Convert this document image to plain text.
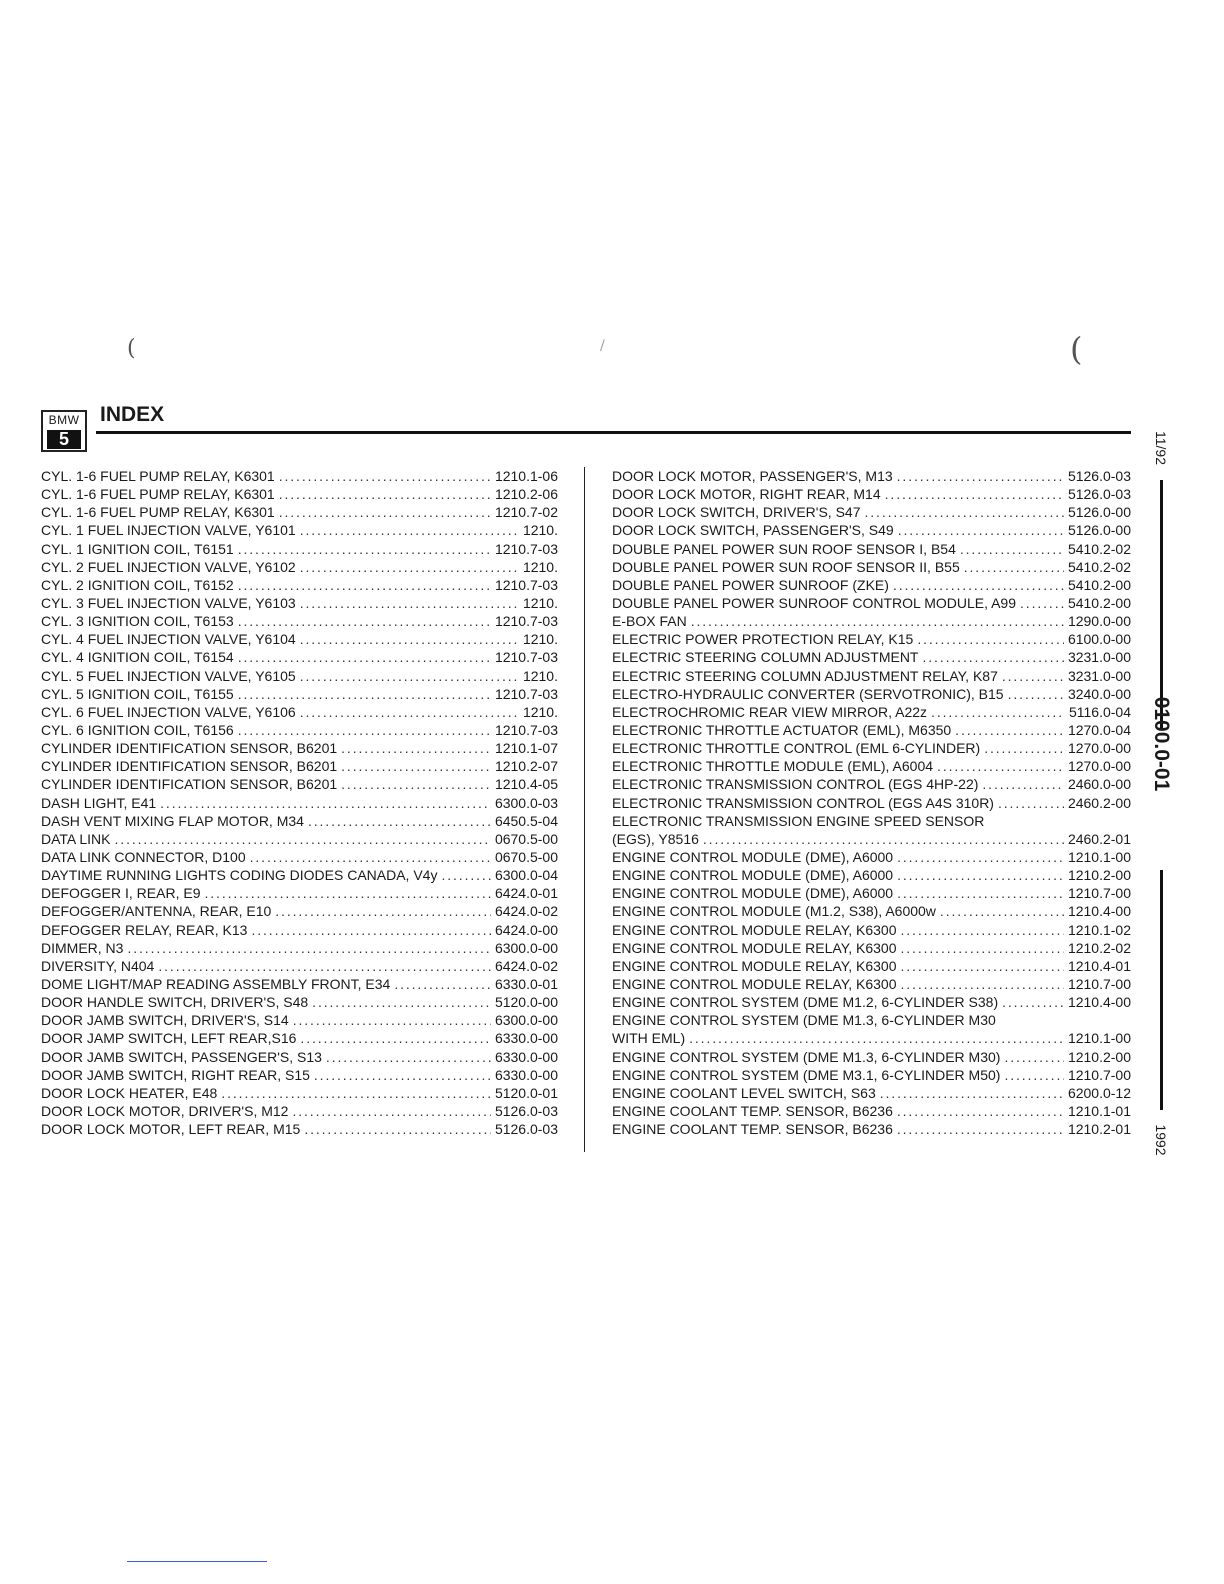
(	/	(
BMW
5
INDEX
CYL. 1-6 FUEL PUMP RELAY, K6301 . . .	1210.1-06
CYL. 1-6 FUEL PUMP RELAY, K6301 . . .	1210.2-06
CYL. 1-6 FUEL PUMP RELAY, K6301 . . .	1210.7-02
CYL. 1 FUEL INJECTION VALVE, Y6101 . . .	1210.
CYL. 1 IGNITION COIL, T6151 . . .	1210.7-03
CYL. 2 FUEL INJECTION VALVE, Y6102 . . .	1210.
CYL. 2 IGNITION COIL, T6152 . . .	1210.7-03
CYL. 3 FUEL INJECTION VALVE, Y6103 . . .	1210.
CYL. 3 IGNITION COIL, T6153 . . .	1210.7-03
CYL. 4 FUEL INJECTION VALVE, Y6104 . . .	1210.
CYL. 4 IGNITION COIL, T6154 . . .	1210.7-03
CYL. 5 FUEL INJECTION VALVE, Y6105 . . .	1210.
CYL. 5 IGNITION COIL, T6155 . . .	1210.7-03
CYL. 6 FUEL INJECTION VALVE, Y6106 . . .	1210.
CYL. 6 IGNITION COIL, T6156 . . .	1210.7-03
CYLINDER IDENTIFICATION SENSOR, B6201 . . .	1210.1-07
CYLINDER IDENTIFICATION SENSOR, B6201 . . .	1210.2-07
CYLINDER IDENTIFICATION SENSOR, B6201 . . .	1210.4-05
DASH LIGHT, E41 . . .	6300.0-03
DASH VENT MIXING FLAP MOTOR, M34 . . .	6450.5-04
DATA LINK . . .	0670.5-00
DATA LINK CONNECTOR, D100 . . .	0670.5-00
DAYTIME RUNNING LIGHTS CODING DIODES CANADA, V4y . . .	6300.0-04
DEFOGGER I, REAR, E9 . . .	6424.0-01
DEFOGGER/ANTENNA, REAR, E10 . . .	6424.0-02
DEFOGGER RELAY, REAR, K13 . . .	6424.0-00
DIMMER, N3 . . .	6300.0-00
DIVERSITY, N404 . . .	6424.0-02
DOME LIGHT/MAP READING ASSEMBLY FRONT, E34 . . .	6330.0-01
DOOR HANDLE SWITCH, DRIVER'S, S48 . . .	5120.0-00
DOOR JAMB SWITCH, DRIVER'S, S14 . . .	6300.0-00
DOOR JAMP SWITCH, LEFT REAR,S16 . . .	6330.0-00
DOOR JAMB SWITCH, PASSENGER'S, S13 . . .	6330.0-00
DOOR JAMB SWITCH, RIGHT REAR, S15 . . .	6330.0-00
DOOR LOCK HEATER, E48 . . .	5120.0-01
DOOR LOCK MOTOR, DRIVER'S, M12 . . .	5126.0-03
DOOR LOCK MOTOR, LEFT REAR, M15 . . .	5126.0-03
DOOR LOCK MOTOR, PASSENGER'S, M13 . . .	5126.0-03
DOOR LOCK MOTOR, RIGHT REAR, M14 . . .	5126.0-03
DOOR LOCK SWITCH, DRIVER'S, S47 . . .	5126.0-00
DOOR LOCK SWITCH, PASSENGER'S, S49 . . .	5126.0-00
DOUBLE PANEL POWER SUN ROOF SENSOR I, B54 . . .	5410.2-02
DOUBLE PANEL POWER SUN ROOF SENSOR II, B55 . . .	5410.2-02
DOUBLE PANEL POWER SUNROOF (ZKE) . . .	5410.2-00
DOUBLE PANEL POWER SUNROOF CONTROL MODULE, A99 . . .	5410.2-00
E-BOX FAN . . .	1290.0-00
ELECTRIC POWER PROTECTION RELAY, K15 . . .	6100.0-00
ELECTRIC STEERING COLUMN ADJUSTMENT . . .	3231.0-00
ELECTRIC STEERING COLUMN ADJUSTMENT RELAY, K87 . . .	3231.0-00
ELECTRO-HYDRAULIC CONVERTER (SERVOTRONIC), B15 . . .	3240.0-00
ELECTROCHROMIC REAR VIEW MIRROR, A22z . . .	5116.0-04
ELECTRONIC THROTTLE ACTUATOR (EML), M6350 . . .	1270.0-04
ELECTRONIC THROTTLE CONTROL (EML 6-CYLINDER) . . .	1270.0-00
ELECTRONIC THROTTLE MODULE (EML), A6004 . . .	1270.0-00
ELECTRONIC TRANSMISSION CONTROL (EGS 4HP-22) . . .	2460.0-00
ELECTRONIC TRANSMISSION CONTROL (EGS A4S 310R) . . .	2460.2-00
ELECTRONIC TRANSMISSION ENGINE SPEED SENSOR
(EGS), Y8516 . . .	2460.2-01
ENGINE CONTROL MODULE (DME), A6000 . . .	1210.1-00
ENGINE CONTROL MODULE (DME), A6000 . . .	1210.2-00
ENGINE CONTROL MODULE (DME), A6000 . . .	1210.7-00
ENGINE CONTROL MODULE (M1.2, S38), A6000w . . .	1210.4-00
ENGINE CONTROL MODULE RELAY, K6300 . . .	1210.1-02
ENGINE CONTROL MODULE RELAY, K6300 . . .	1210.2-02
ENGINE CONTROL MODULE RELAY, K6300 . . .	1210.4-01
ENGINE CONTROL MODULE RELAY, K6300 . . .	1210.7-00
ENGINE CONTROL SYSTEM (DME M1.2, 6-CYLINDER S38) . . .	1210.4-00
ENGINE CONTROL SYSTEM (DME M1.3, 6-CYLINDER M30
WITH EML) . . .	1210.1-00
ENGINE CONTROL SYSTEM (DME M1.3, 6-CYLINDER M30) . . .	1210.2-00
ENGINE CONTROL SYSTEM (DME M3.1, 6-CYLINDER M50) . . .	1210.7-00
ENGINE COOLANT LEVEL SWITCH, S63 . . .	6200.0-12
ENGINE COOLANT TEMP. SENSOR, B6236 . . .	1210.1-01
ENGINE COOLANT TEMP. SENSOR, B6236 . . .	1210.2-01
11/92
0100.0-01
1992
